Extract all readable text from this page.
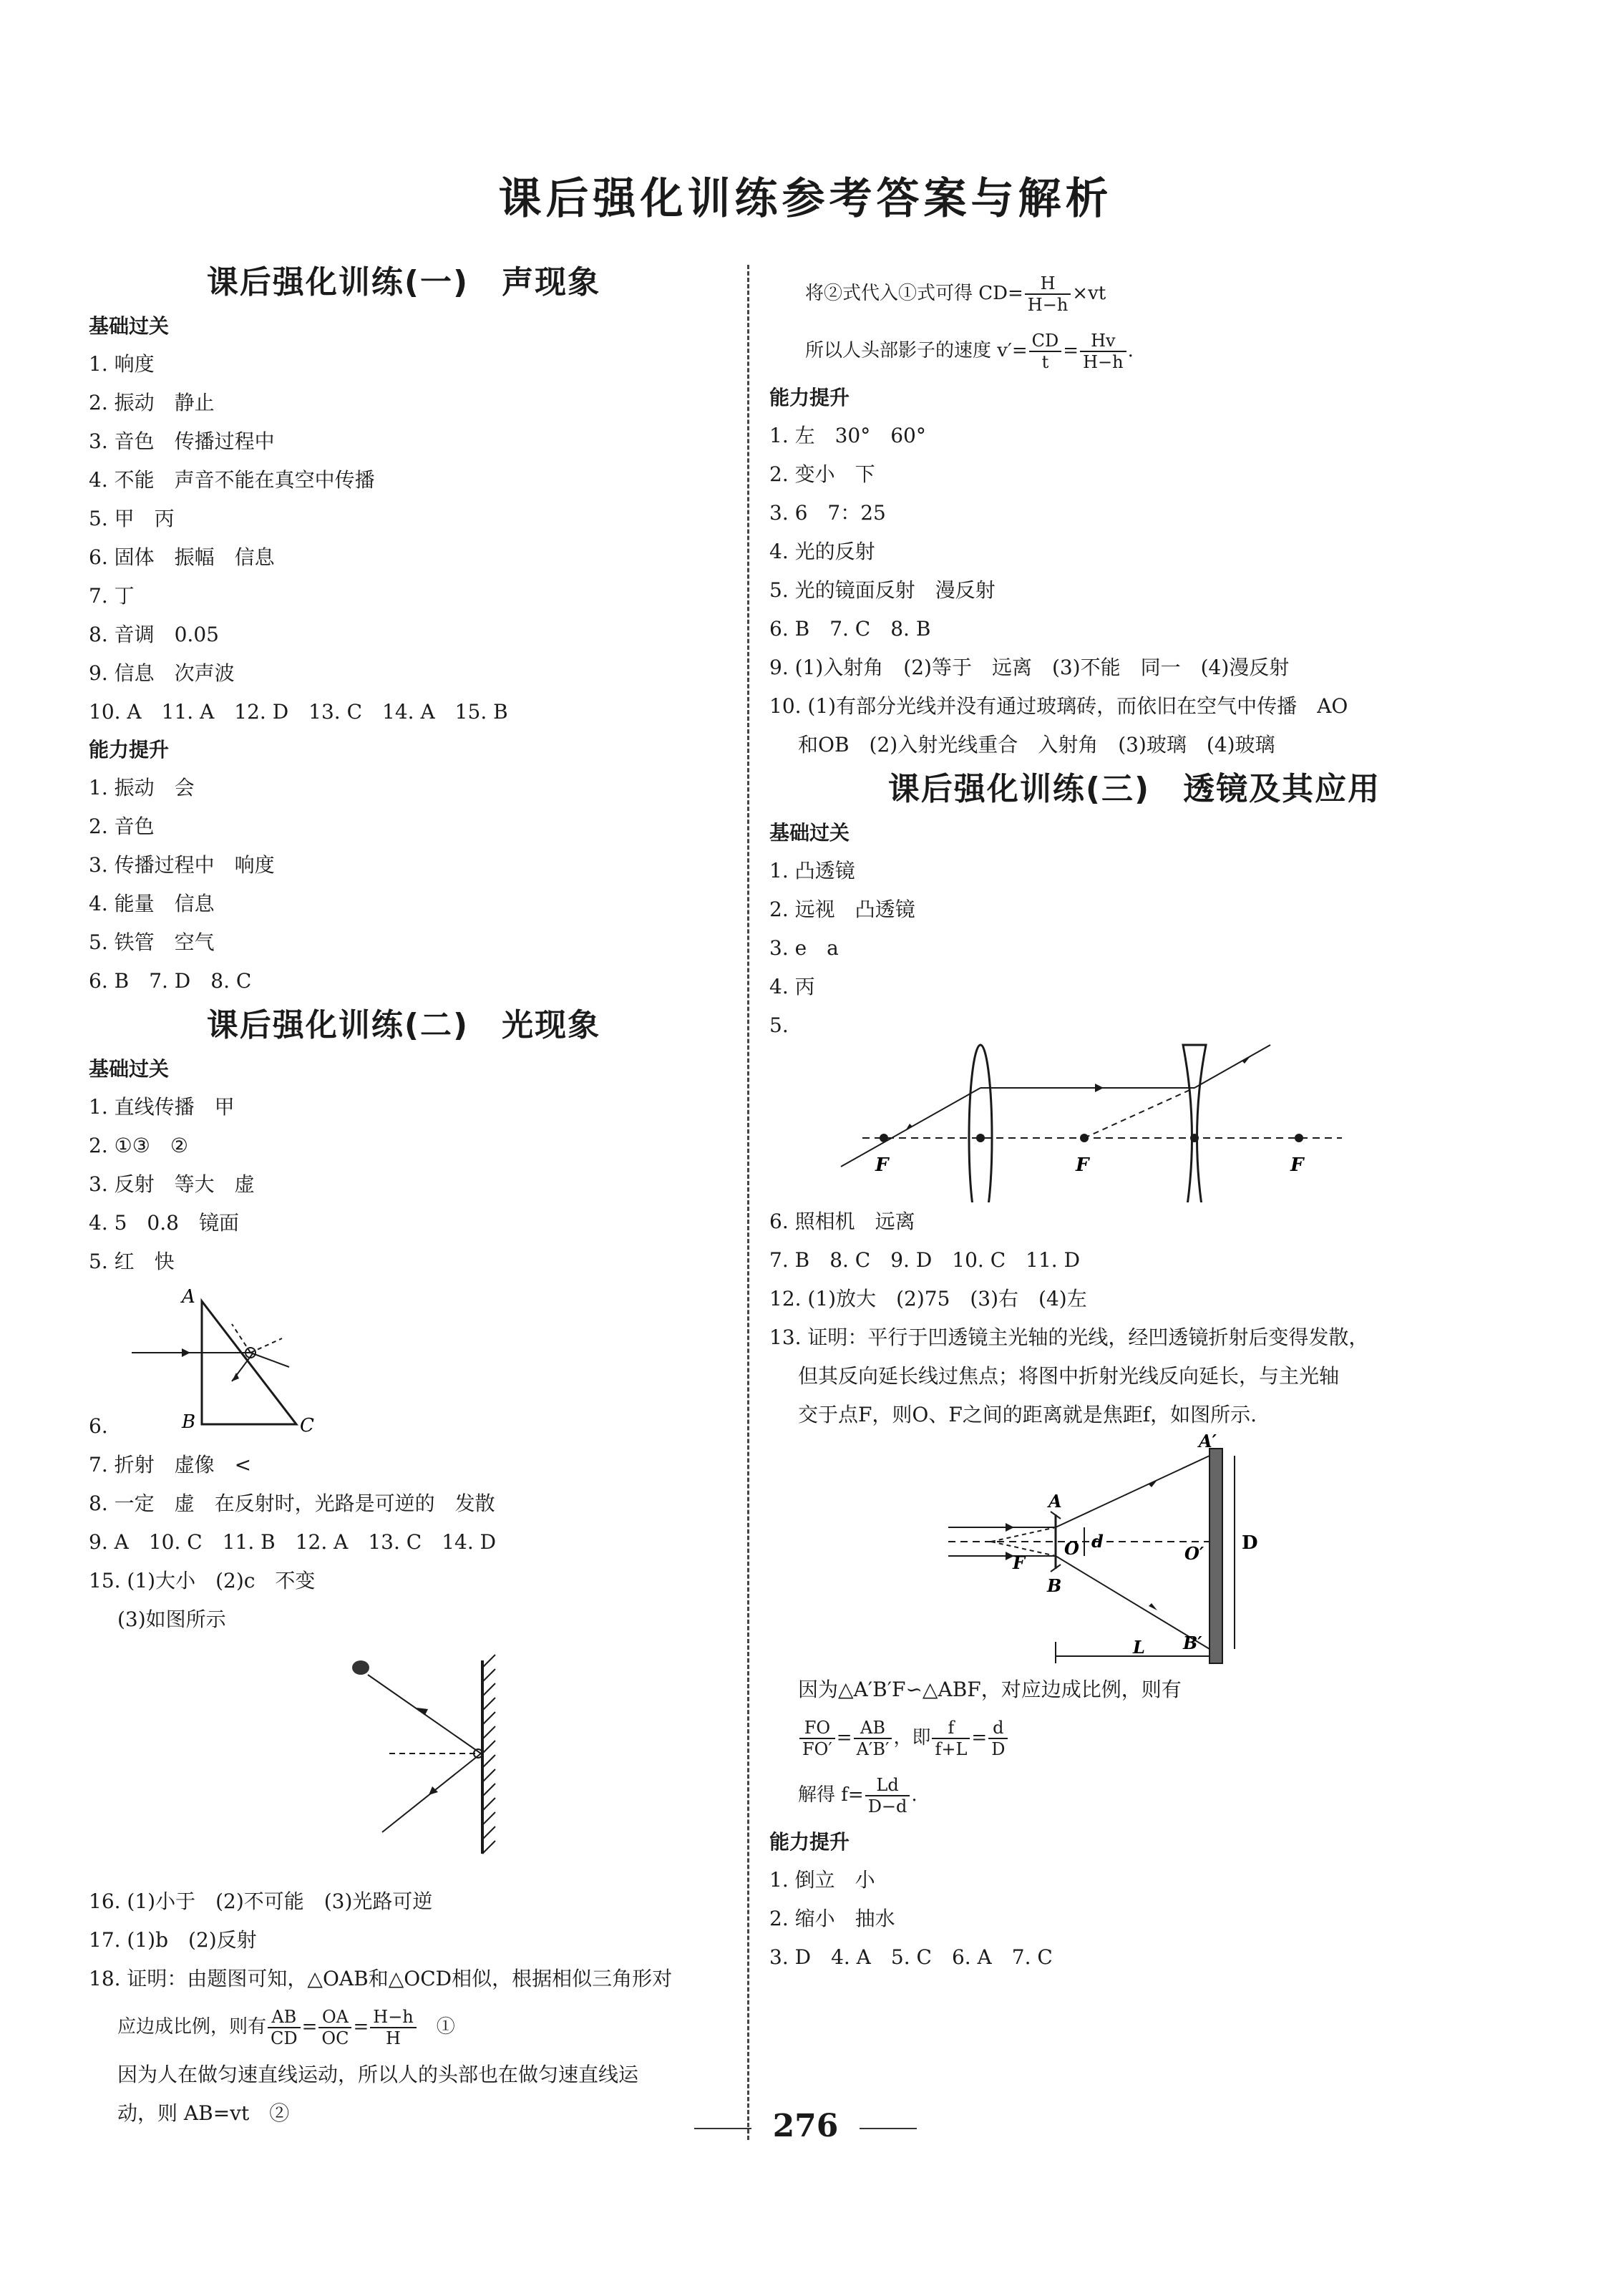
课后强化训练参考答案与解析
课后强化训练(一)　声现象
基础过关
1. 响度
2. 振动　静止
3. 音色　传播过程中
4. 不能　声音不能在真空中传播
5. 甲　丙
6. 固体　振幅　信息
7. 丁
8. 音调　0.05
9. 信息　次声波
10. A　11. A　12. D　13. C　14. A　15. B
能力提升
1. 振动　会
2. 音色
3. 传播过程中　响度
4. 能量　信息
5. 铁管　空气
6. B　7. D　8. C
课后强化训练(二)　光现象
基础过关
1. 直线传播　甲
2. ①③　②
3. 反射　等大　虚
4. 5　0.8　镜面
5. 红　快
6.
A
B	C
7. 折射　虚像　<
8. 一定　虚　在反射时，光路是可逆的　发散
9. A　10. C　11. B　12. A　13. C　14. D
15. (1)大小　(2)c　不变
(3)如图所示
16. (1)小于　(2)不可能　(3)光路可逆
17. (1)b　(2)反射
18. 证明：由题图可知，△OAB和△OCD相似，根据相似三角形对
应边成比例，则有 $\frac{AB}{CD} = \frac{OA}{OC} = \frac{H-h}{H}$
　 ①
因为人在做匀速直线运动，所以人的头部也在做匀速直线运
动，则 AB=vt　②
将②式代入①式可得 $CD= \frac{H}{H-h} \times vt$
所以人头部影子的速度 $v'= \frac{CD}{t} = \frac{Hv}{H-h}$ .
能力提升
1. 左　30°　60°
2. 变小　下
3. 6　7：25
4. 光的反射
5. 光的镜面反射　漫反射
6. B　7. C　8. B
9. (1)入射角　(2)等于　远离　(3)不能　同一　(4)漫反射
10. (1)有部分光线并没有通过玻璃砖，而依旧在空气中传播　AO
和OB　(2)入射光线重合　入射角　(3)玻璃　(4)玻璃
课后强化训练(三)　透镜及其应用
基础过关
1. 凸透镜
2. 远视　凸透镜
3. e　a
4. 丙
5.
F	F	F
6. 照相机　远离
7. B　8. C　9. D　10. C　11. D
12. (1)放大　(2)75　(3)右　(4)左
13. 证明：平行于凹透镜主光轴的光线，经凹透镜折射后变得发散，
但其反向延长线过焦点；将图中折射光线反向延长，与主光轴
交于点F，则O、F之间的距离就是焦距f，如图所示.
A′
A
d	D
F
O	O′
B
B′
L
因为△A′B′F∽△ABF，对应边成比例，则有
$\frac{FO}{FO'} = \frac{AB}{A'B'}$ ，即 $\frac{f}{f+L} = \frac{d}{D}$
解得 $f= \frac{Ld}{D-d}$ .
能力提升
1. 倒立　小
2. 缩小　抽水
3. D　4. A　5. C　6. A　7. C
276
